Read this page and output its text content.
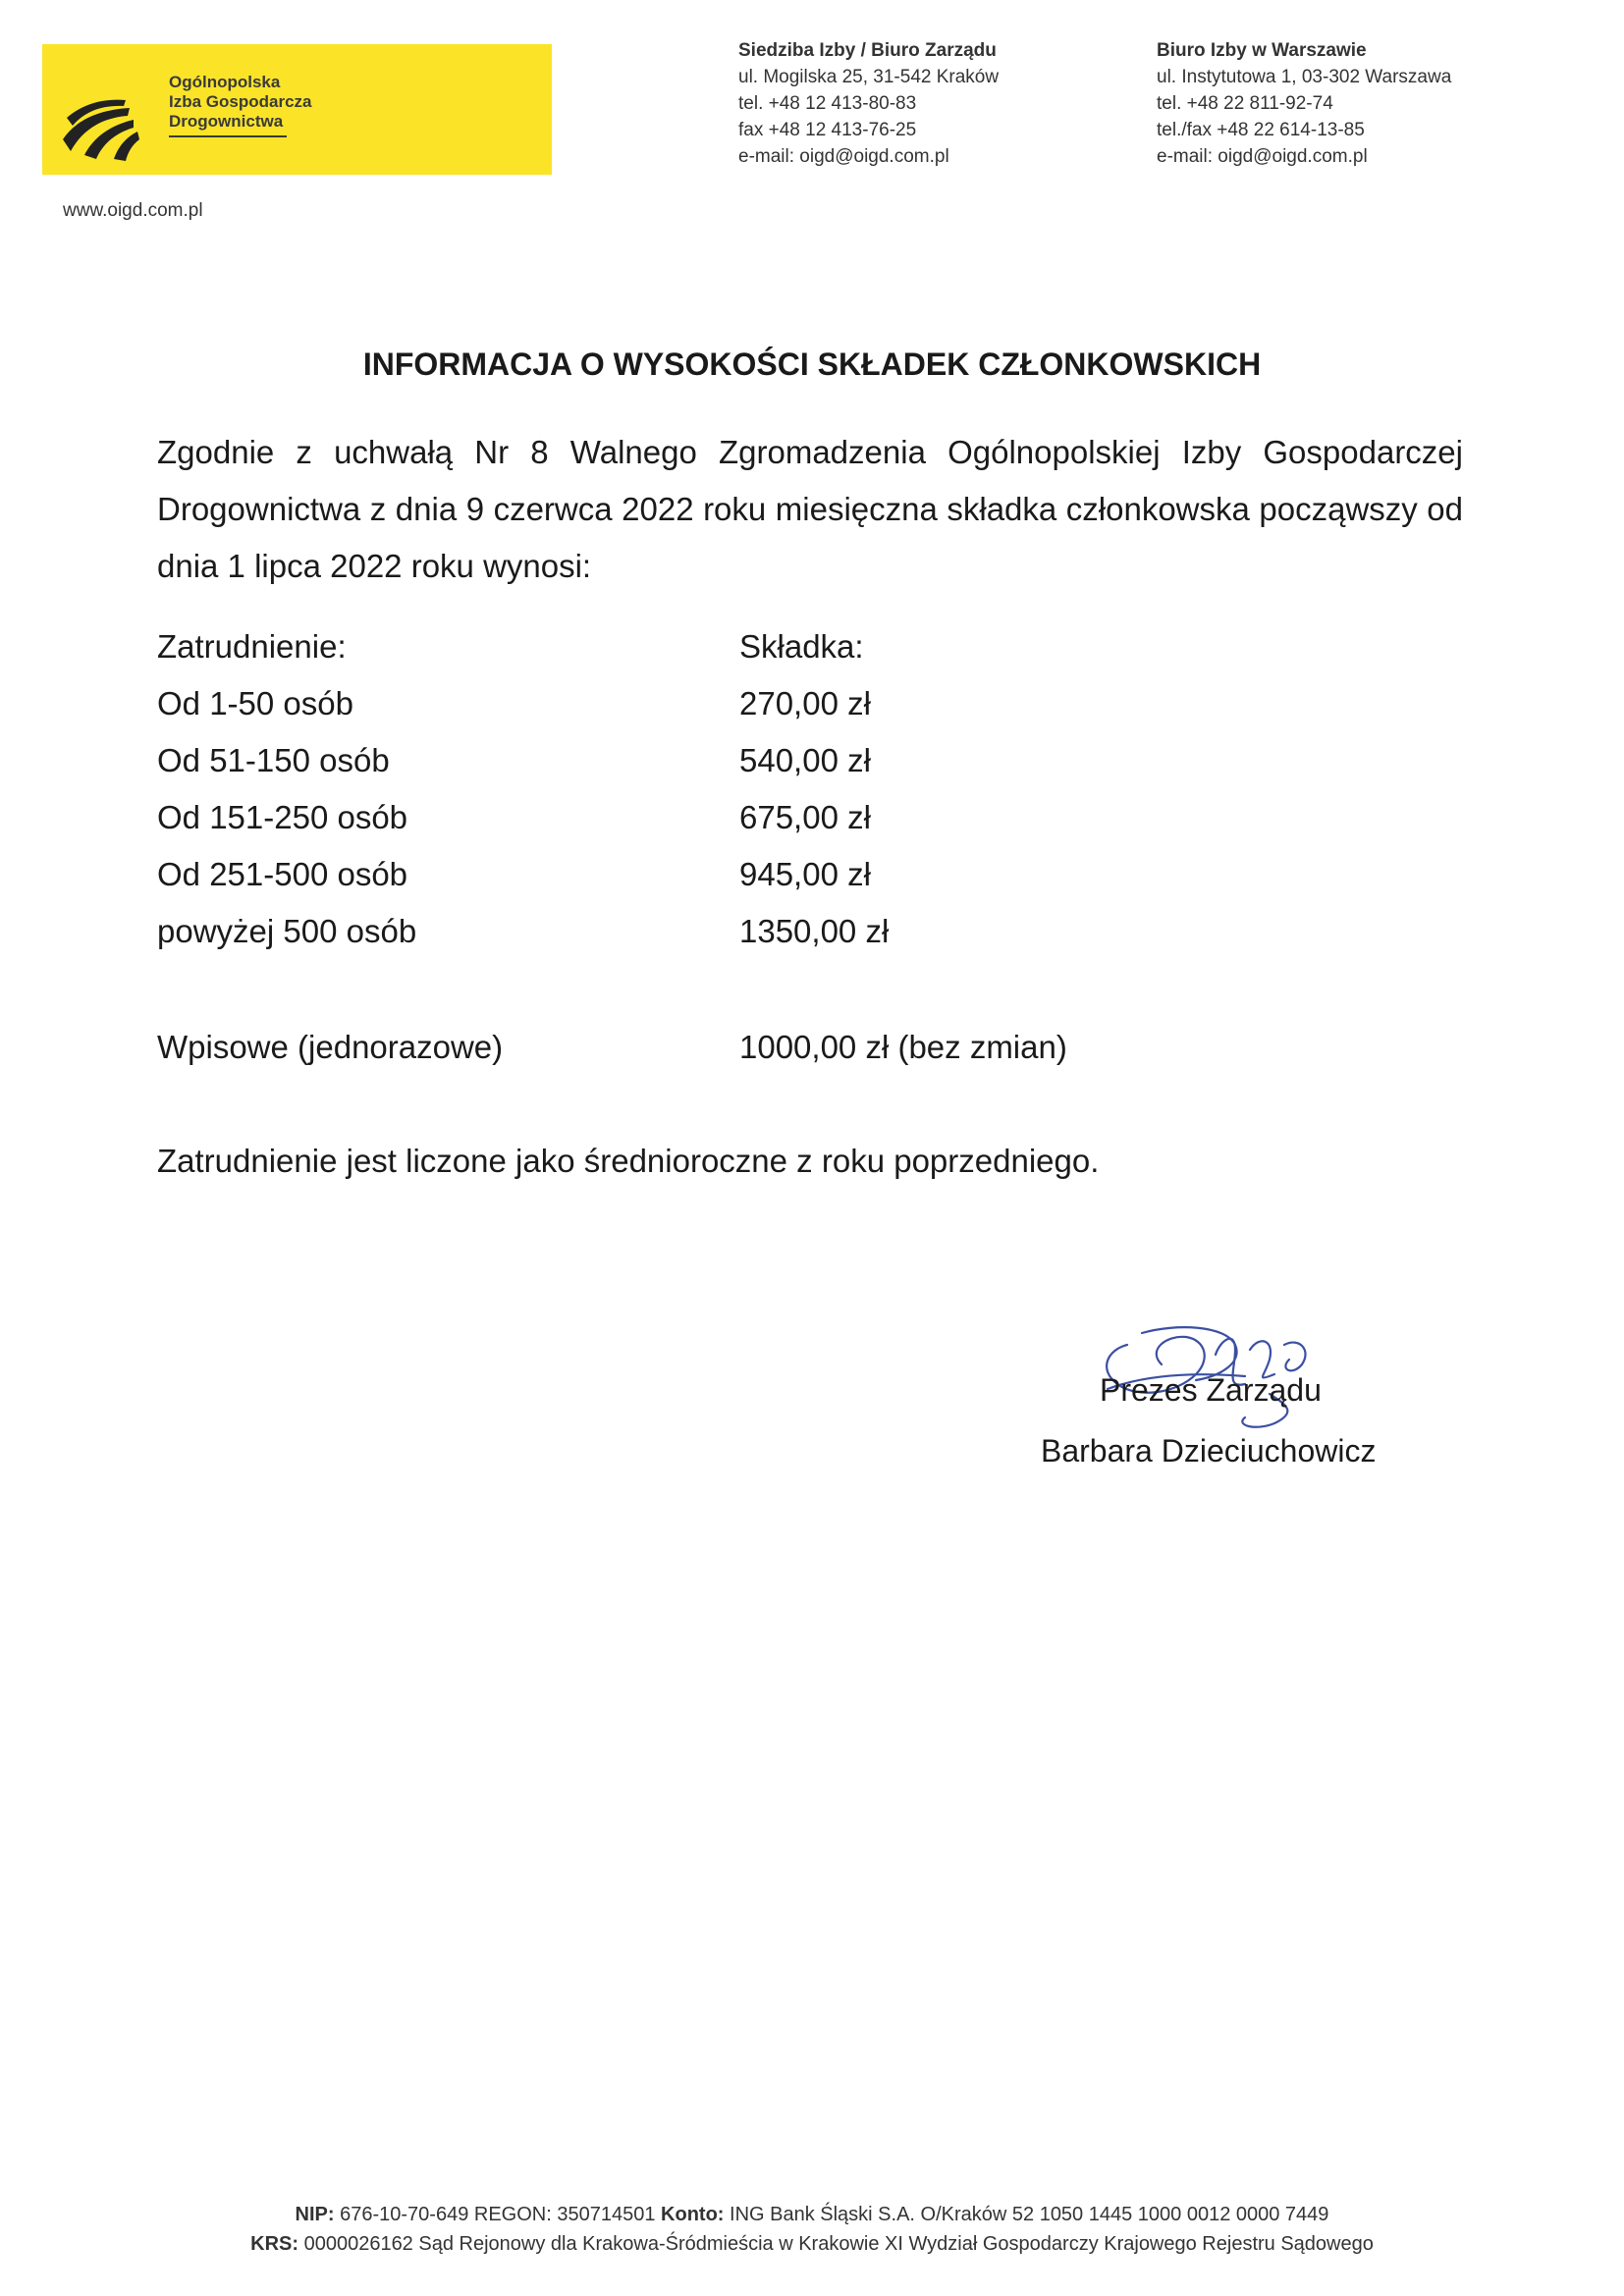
Ogólnopolska
Izba Gospodarcza
Drogownictwa
www.oigd.com.pl
Siedziba Izby / Biuro Zarządu
ul. Mogilska 25, 31-542 Kraków
tel. +48 12 413-80-83
fax +48 12 413-76-25
e-mail: oigd@oigd.com.pl
Biuro Izby w Warszawie
ul. Instytutowa 1, 03-302 Warszawa
tel. +48 22 811-92-74
tel./fax +48 22 614-13-85
e-mail: oigd@oigd.com.pl
INFORMACJA O WYSOKOŚCI SKŁADEK CZŁONKOWSKICH
Zgodnie z uchwałą Nr 8 Walnego Zgromadzenia Ogólnopolskiej Izby Gospodarczej Drogownictwa z dnia 9 czerwca 2022 roku miesięczna składka członkowska począwszy od dnia 1 lipca 2022 roku wynosi:
Zatrudnienie:	Składka:
Od 1-50 osób	270,00 zł
Od 51-150 osób	540,00 zł
Od 151-250 osób	675,00 zł
Od 251-500 osób	945,00 zł
powyżej 500 osób	1350,00 zł
Wpisowe (jednorazowe)	1000,00 zł (bez zmian)
Zatrudnienie jest liczone jako średnioroczne z roku poprzedniego.
Prezes Zarządu
Barbara Dzieciuchowicz
NIP: 676-10-70-649 REGON: 350714501 Konto: ING Bank Śląski S.A. O/Kraków 52 1050 1445 1000 0012 0000 7449
KRS: 0000026162 Sąd Rejonowy dla Krakowa-Śródmieścia w Krakowie XI Wydział Gospodarczy Krajowego Rejestru Sądowego
